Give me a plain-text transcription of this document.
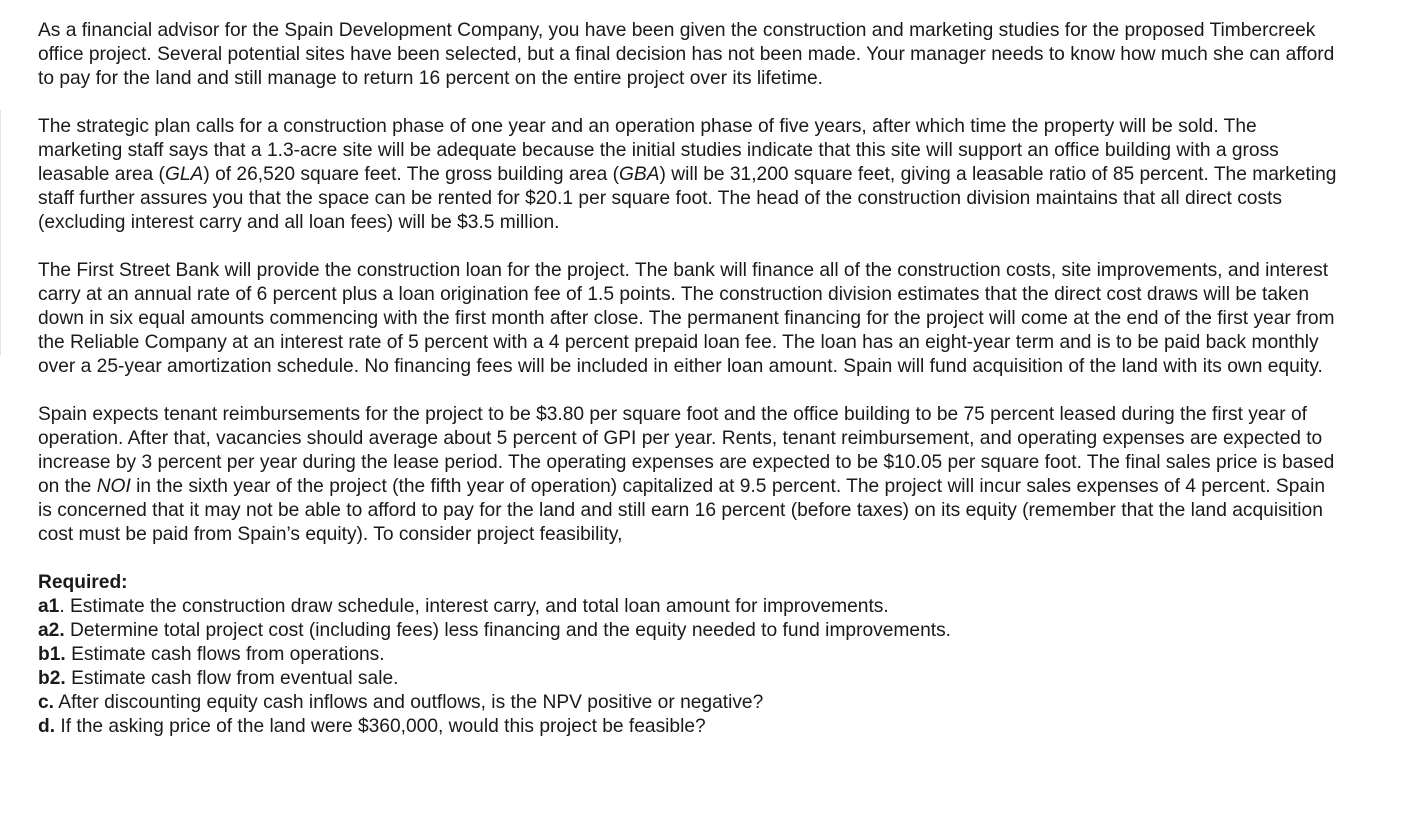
As a financial advisor for the Spain Development Company, you have been given the construction and marketing studies for the proposed Timbercreek office project. Several potential sites have been selected, but a final decision has not been made. Your manager needs to know how much she can afford to pay for the land and still manage to return 16 percent on the entire project over its lifetime.

The strategic plan calls for a construction phase of one year and an operation phase of five years, after which time the property will be sold. The marketing staff says that a 1.3-acre site will be adequate because the initial studies indicate that this site will support an office building with a gross leasable area (GLA) of 26,520 square feet. The gross building area (GBA) will be 31,200 square feet, giving a leasable ratio of 85 percent. The marketing staff further assures you that the space can be rented for $20.1 per square foot. The head of the construction division maintains that all direct costs (excluding interest carry and all loan fees) will be $3.5 million.

The First Street Bank will provide the construction loan for the project. The bank will finance all of the construction costs, site improvements, and interest carry at an annual rate of 6 percent plus a loan origination fee of 1.5 points. The construction division estimates that the direct cost draws will be taken down in six equal amounts commencing with the first month after close. The permanent financing for the project will come at the end of the first year from the Reliable Company at an interest rate of 5 percent with a 4 percent prepaid loan fee. The loan has an eight-year term and is to be paid back monthly over a 25-year amortization schedule. No financing fees will be included in either loan amount. Spain will fund acquisition of the land with its own equity.

Spain expects tenant reimbursements for the project to be $3.80 per square foot and the office building to be 75 percent leased during the first year of operation. After that, vacancies should average about 5 percent of GPI per year. Rents, tenant reimbursement, and operating expenses are expected to increase by 3 percent per year during the lease period. The operating expenses are expected to be $10.05 per square foot. The final sales price is based on the NOI in the sixth year of the project (the fifth year of operation) capitalized at 9.5 percent. The project will incur sales expenses of 4 percent. Spain is concerned that it may not be able to afford to pay for the land and still earn 16 percent (before taxes) on its equity (remember that the land acquisition cost must be paid from Spain’s equity). To consider project feasibility,

Required:

a1. Estimate the construction draw schedule, interest carry, and total loan amount for improvements.

a2. Determine total project cost (including fees) less financing and the equity needed to fund improvements.

b1. Estimate cash flows from operations.

b2. Estimate cash flow from eventual sale.

c. After discounting equity cash inflows and outflows, is the NPV positive or negative?

d. If the asking price of the land were $360,000, would this project be feasible?
